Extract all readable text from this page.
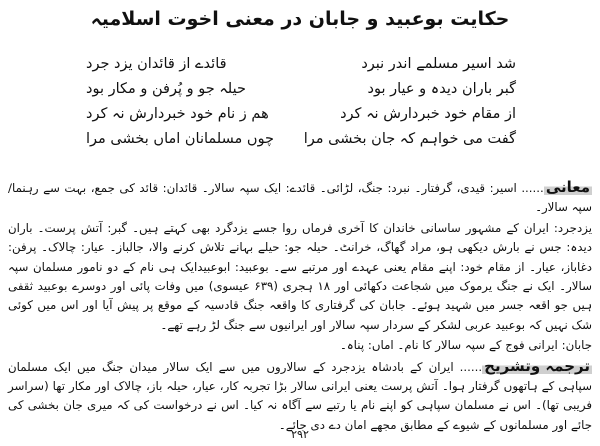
حکایت بوعبید و جابان در معنی اخوت اسلامیہ
شد اسیر مسلمے اندر نبرد
قائدے از قائدان یزد جرد
گبر باران دیدہ و عیار بود
حیلہ جو و پُرفن و مکار بود
از مقام خود خبردارش نہ کرد
هم ز نام خود خبردارش نہ کرد
گفت می خواہم کہ جان بخشی مرا
چوں مسلمانان اماں بخشی مرا

معانی...... اسیر: قیدی، گرفتار۔ نبرد: جنگ، لڑائی۔ قائدے: ایک سپہ سالار۔ قائدان: قائد کی جمع، بہت سے رہنما/سپہ سالار۔

یزدجرد: ایران کے مشہور ساسانی خاندان کا آخری فرماں روا جسے یزدگرد بھی کہتے ہیں۔ گبر: آتش پرست۔ باران دیدہ: جس نے بارش دیکھی ہو، مراد گھاگ، خرانٹ۔ حیلہ جو: حیلے بہانے تلاش کرنے والا، جالباز۔ عیار: چالاک۔ پرفن: دغاباز، عیار۔ از مقام خود: اپنے مقام یعنی عہدے اور مرتبے سے۔ بوعبید: ابوعبیدایک ہی نام کے دو نامور مسلمان سپہ سالار۔ ایک نے جنگ یرموک میں شجاعت دکھائی اور ۱۸ ہجری (۶۳۹ عیسوی) میں وفات پائی اور دوسرے بوعبید ثقفی ہیں جو اقعہ جسر میں شہید ہوئے۔ جابان کی گرفتاری کا واقعہ جنگ قادسیہ کے موقع پر پیش آیا اور اس میں کوئی شک نہیں کہ بوعبید عربی لشکر کے سردار سپہ سالار اور ایرانیوں سے جنگ لڑ رہے تھے۔

جابان: ایرانی فوج کے سپہ سالار کا نام۔ اماں: پناہ۔

ترجمہ وتشریح...... ایران کے بادشاہ یزدجرد کے سالاروں میں سے ایک سالار میدان جنگ میں ایک مسلمان سپاہی کے ہاتھوں گرفتار ہوا۔ آتش پرست یعنی ایرانی سالار بڑا تجربہ کار، عیار، حیلہ باز، چالاک اور مکار تھا (سراسر فریبی تھا)۔ اس نے مسلمان سپاہی کو اپنے نام یا رتبے سے آگاہ نہ کیا۔ اس نے درخواست کی کہ میری جان بخشی کی جائے اور مسلمانوں کے شیوے کے مطابق مجھے امان دے دی جائے۔

۲۹۲
